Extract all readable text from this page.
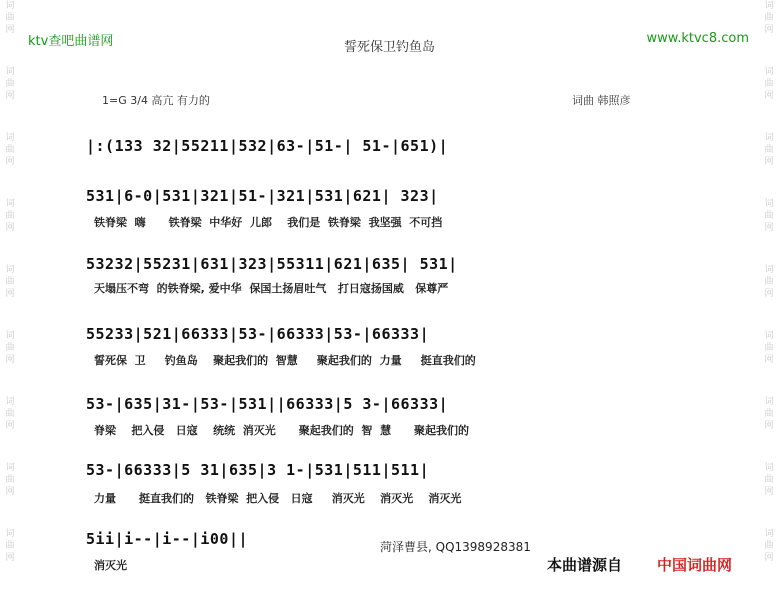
词
曲
网
词
曲
网
词
曲
网
词
曲
网
词
曲
网
词
曲
网
词
曲
网
词
曲
网
词
曲
网
词
曲
网
词
曲
网
词
曲
网
词
曲
网
词
曲
网
词
曲
网
词
曲
网
词
曲
网
词
曲
网
ktv查吧曲谱网	誓死保卫钓鱼岛
www.ktvc8.com
1=G 3/4 高亢 有力的	词曲 韩照彦
|:(133 32|55211|532|63-|51-| 51-|651)|
531|6-0|531|321|51-|321|531|621| 323|
铁脊梁  嗨      铁脊梁  中华好  儿郎    我们是  铁脊梁  我坚强  不可挡
53232|55231|631|323|55311|621|635| 531|
天塌压不弯  的铁脊梁, 爱中华  保国土扬眉吐气   打日寇扬国威   保尊严
55233|521|66333|53-|66333|53-|66333|
誓死保  卫     钓鱼岛    聚起我们的  智慧     聚起我们的  力量     挺直我们的
53-|635|31-|53-|531||66333|5 3-|66333|
脊梁    把入侵   日寇    统统  消灭光      聚起我们的  智  慧      聚起我们的
53-|66333|5 31|635|3 1-|531|511|511|
力量      挺直我们的   铁脊梁  把入侵   日寇     消灭光    消灭光    消灭光
5ii|i--|i--|i00||
消灭光
菏泽曹县, QQ1398928381
本曲谱源自 中国词曲网
